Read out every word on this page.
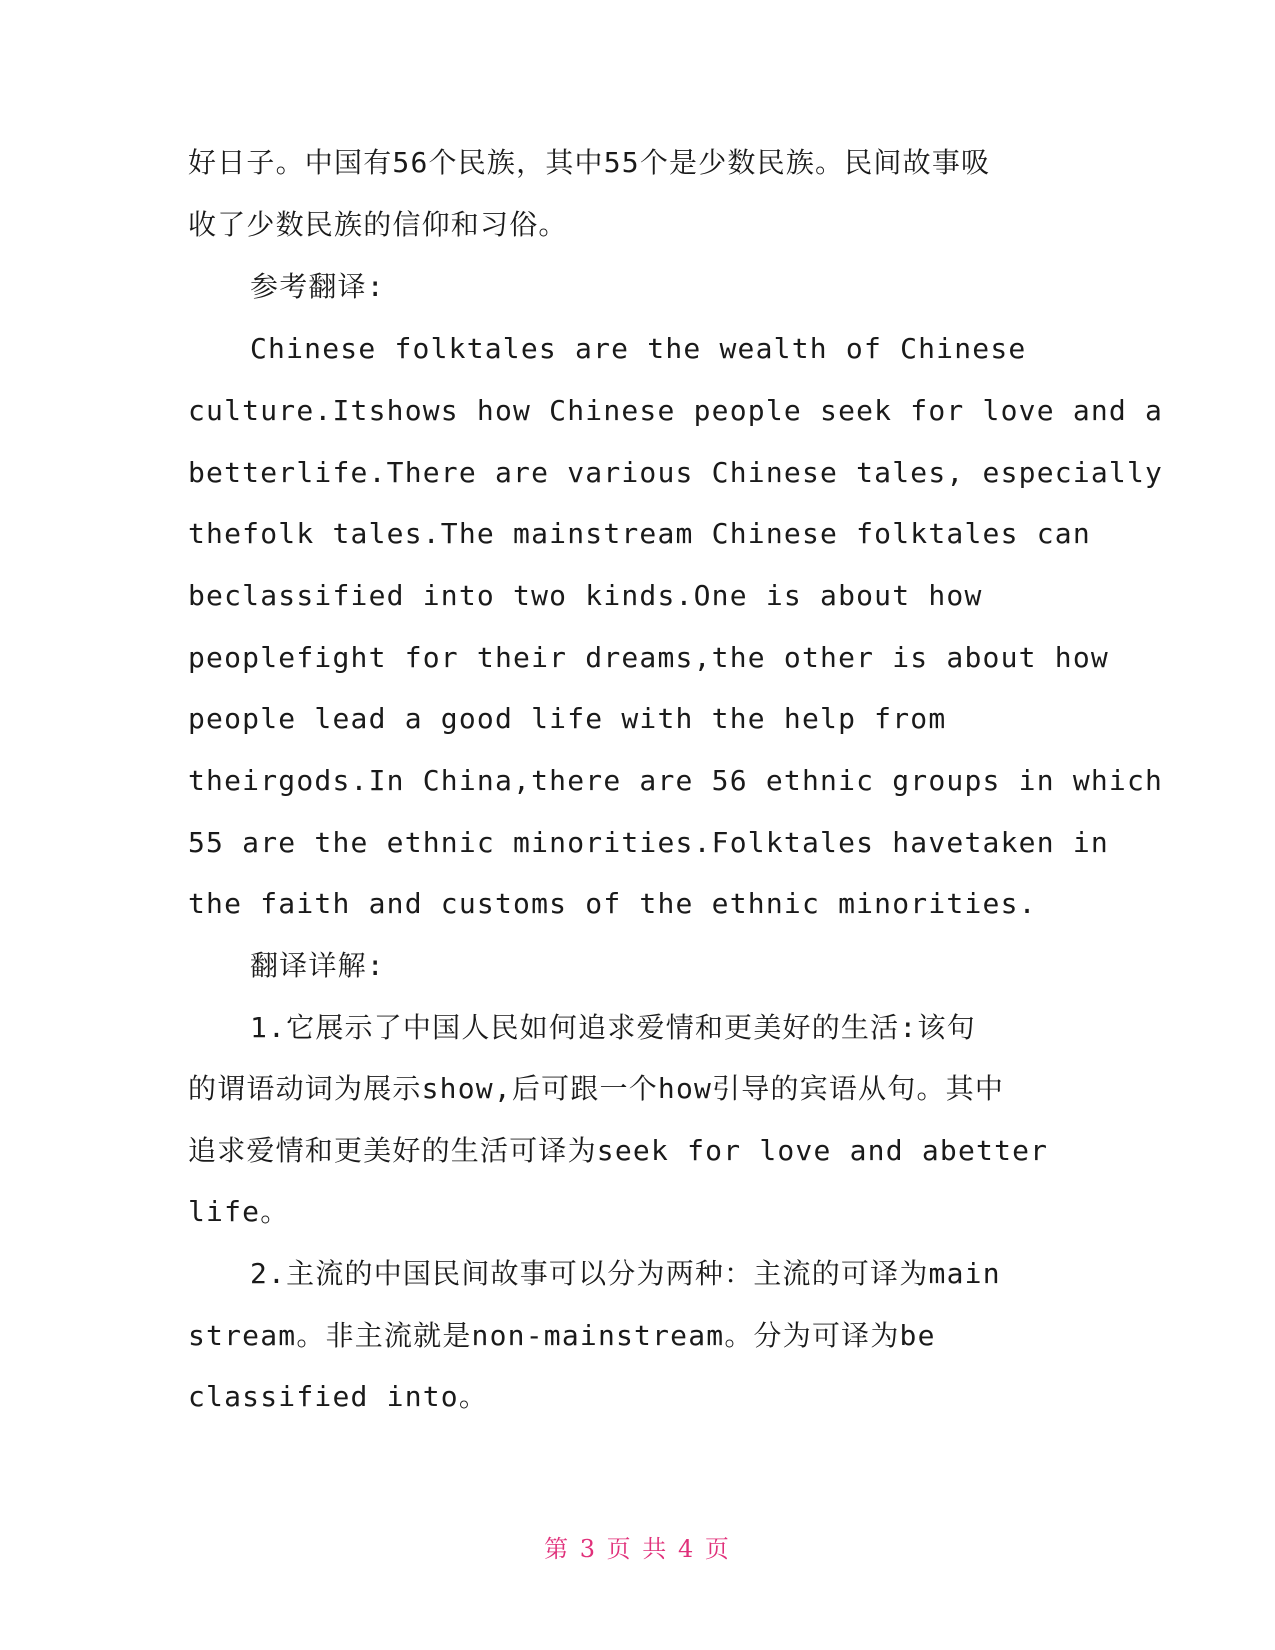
好日子。中国有56个民族，其中55个是少数民族。民间故事吸
收了少数民族的信仰和习俗。
参考翻译:
Chinese folktales are the wealth of Chinese
culture.Itshows how Chinese people seek for love and a
betterlife.There are various Chinese tales, especially
thefolk tales.The mainstream Chinese folktales can
beclassified into two kinds.One is about how
peoplefight for their dreams,the other is about how
people lead a good life with the help from
theirgods.In China,there are 56 ethnic groups in which
55 are the ethnic minorities.Folktales havetaken in
the faith and customs of the ethnic minorities.
翻译详解:
1.它展示了中国人民如何追求爱情和更美好的生活:该句
的谓语动词为展示show,后可跟一个how引导的宾语从句。其中
追求爱情和更美好的生活可译为seek for love and abetter
life。
2.主流的中国民间故事可以分为两种：主流的可译为main
stream。非主流就是non-mainstream。分为可译为be
classified into。
第 3 页 共 4 页
